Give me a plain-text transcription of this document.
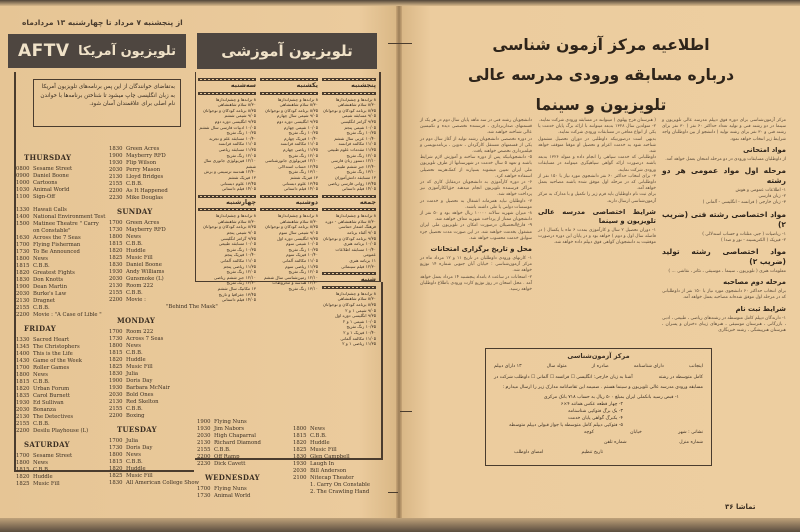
از پنجشنبه ۷ مرداد تا چهارشنبه ۱۳ مردادماه
AFTV تلویزیون آمریکا	تلویزیون آموزشی
به‌تقاضای خوانندگان از این پس برنامه‌های تلویزیون آمریکا به زبان انگلیسی چاپ میشود تا شناختن برنامه‌ها با خواندن نام اصلی برای علاقمندان آسان شود.
THURSDAY
0800 Sesame Street
0900 Daniel Boone
1000 Cartoons
1030 Animal World
1100 Sign-Off
1330 Hawaii Calls
1400 National Environment Test
1500 Matinee Theatre " Carry
on Constable"
1630 Across the 7 Seas
1700 Flying Fisherman
1730 To Be Announced
1800 News
1815 C.B.B.
1820 Greatest Fights
1830 Don Knotts
1900 Dean Martin
2030 Burke's Law
2130 Dragnet
2155 C.B.B.
2200 Movie : "A Case of Lible "
FRIDAY
1330 Sacred Heart
1345 The Christophers
1400 This is the Life
1430 Game of the Week
1700 Roller Games
1800 News
1815 C.B.B.
1820 Urban Forum
1835 Carol Burnett
1930 Ed Sullivan
2030 Bonanza
2130 The Detectives
2155 C.B.B.
2200 Desilu Playhouse (L)
SATURDAY
1700 Sesame Street
1800 News
1815 C.B.B.
1820 Huddle
1825 Music Fill
1830 Green Acres
1900 Mayberry RFD
1930 Flip Wilson
2030 Perry Mason
2130 Lloyd Bridges
2155 C.B.B.
2200 As It Happened
2230 Mike Douglas
SUNDAY
1700 Green Acres
1730 Mayberry RFD
1800 News
1815 C.B.B.
1820 Huddle
1825 Music Fill
1830 Daniel Boone
1930 Andy Williams
2030 Gunsmoke (L)
2130 Room 222
2155 C.B.B.
2200 Movie :
"Behind The Mask"
MONDAY
1700 Room 222
1730 Across 7 Seas
1800 News
1815 C.B.B.
1820 Huddle
1825 Music Fill
1830 Julia
1900 Doris Day
1930 Barbara McNair
2030 Bold Ones
2130 Red Skelton
2155 C.B.B.
2200 Boxing
TUESDAY
1700 Julia
1730 Doris Day
1800 News
1815 C.B.B.
1820 Huddle
1825 Music Fill
1830 All American College Show
پنجشنبه
۸ ترانه‌ها و چشم‌اندازها
۸/۳۰ سلام شاهنشاهی
۸/۳۵ برنامه کودکان و نوجوانان
۹/۰۵ مسابقه شیمی
۹/۳۵ گرامر انگلیسی
۱۰/۰۵ شیمی پنجم
۱۰/۳۵ زنگ تفریح
۱۰/۴۰ عربی سال ششم
۱۱/۰۵ مکالمه فرانسه
۱۱/۳۵ مقدمات علوم طبیعی
۱۲/۰۵ زنگ تفریح
۱۲/۱۰ دستور زبان فارسی
۱۲/۴۰ جبر ششم طبیعی
۱۳/۱۰ زنگ تفریح
۱۳ مسابقه دانش‌آموزان
۱۳/۴۵ روانی فارسی ریاضی
۱۴/۰۵ فیلم داستانی
جمعه
۸ ترانه‌ها و چشم‌اندازها
۸/۳۰ سلام شاهنشاهی - دوره فرهنگ اشعار حماسی
۹/۰۵ آلفاء برنامه
۹/۳۵ برنامه کودکان و نوجوانان
۱۰/۰۵ برنامه هنری
۱۰/۴۰ مسابقه اطلاعات عمومی
۱۱ برنامه هنری
۱۲/۳۰ فیلم سینمائی
شنبه
۸ ترانه‌ها و چشم‌اندازها
۸/۳۰ سلام شاهنشاهی
۸/۳۵ برنامه کودکان و نوجوانان
۹/۰۵ شیمی ۱ و ۲
۹/۳۵ انگلیسی دوره اول
۱۰/۰۵ شیمی ۱ و ۲
۱۰/۳۵ زنگ تفریح
۱۰/۴۰ فیزیک ۱ و ۲
۱۱/۰۵ مکالمه آلمانی
۱۱/۳۵ ریاضی ۱ و ۲
یکشنبه
۸ ترانه‌ها و چشم‌اندازها
۸/۳۰ سلام شاهنشاهی
۸/۳۵ برنامه کودکان و نوجوانان
۹/۰۵ شیمی سال چهارم
۹/۳۵ انگلیسی دوره دوم
۱۰/۰۵ شیمی چهارم
۱۰/۳۵ زنگ تفریح
۱۰/۴۰ فیزیک چهارم
۱۱/۰۵ مکالمه فرانسه
۱۱/۳۵ ریاضی چهارم
۱۲/۰۵ زنگ تفریح
۱۲/۱۰ فیزیولوژی جانورشناسی
۱۲/۴۵ حساب استدلالی
۱۳/۱۰ زنگ تفریح
۱۳ فیزیک ششم
۱۳/۴۵ علوم دبستانی
۱۴/۰۵ فیلم داستانی
دوشنبه
۸ ترانه‌ها و چشم‌اندازها
۸/۳۰ سلام شاهنشاهی
۸/۳۵ برنامه کودکان و نوجوانان
۹/۰۵ شیمی سال سوم
۹/۳۵ انگلیسی دوره اول
۱۰/۰۵ شیمی سوم
۱۰/۳۵ زنگ تفریح
۱۰/۴۰ فیزیک سوم
۱۱/۰۵ مکالمه آلمانی
۱۱/۳۵ ریاضی سوم
۱۲/۰۵ زنگ تفریح
۱۲/۱۰ زمین‌شناسی سال ششم
۱۲/۴۰ هندسه و مخروطات
۱۳/۱۰ زنگ تفریح
سه‌شنبه
۸ ترانه‌ها و چشم‌اندازها
۸/۳۰ سلام شاهنشاهی
۸/۳۵ برنامه کودکان و نوجوانان
۹/۰۵ شیمی ششم
۹/۳۵ انگلیسی دوره دوم
۱۰/۰۵ ادبیات فارسی سال ششم
۱۰/۳۵ زنگ تفریح
۱۰/۴۰ مسابقه علم و تجربه
۱۱/۰۵ مکالمه فرانسه
۱۱/۳۵ مسابقه ریاضی
۱۲/۰۵ زنگ تفریح
۱۲/۱۰ فیزیولوژی جانوری سال ششم
۱۲/۴۰ هندسه ترسیمی و برش
۱۳ فیزیک ششم
۱۳/۴۵ علوم دبستانی
۱۴/۰۵ فیلم داستانی
چهارشنبه
۸ ترانه‌ها و چشم‌اندازها
۸/۳۰ سلام شاهنشاهی
۸/۳۵ برنامه کودکان و نوجوانان
۹/۰۵ شیمی پنجم
۹/۳۵ گرامر انگلیسی
۱۰/۰۵ مسابقه طبیعی
۱۰/۳۵ زنگ تفریح
۱۰/۴۰ فیزیک پنجم
۱۱/۰۵ مکالمه آلمانی
۱۱/۳۵ ریاضی پنجم
۱۲/۰۵ زنگ تفریح
۱۲/۱۰ جبر ششم ریاضی
۱۲/۴۰ زنگ تفریح
۱۳ مکانیک سال ششم
۱۳/۴۵ جغرافیا و تاریخ
۱۴/۰۵ فیلم داستانی
1900 Flying Nuns
1930 Jim Nabors
2030 High Chaparral
2130 Richard Diamond
2155 C.B.B.
2200 Off Ramp
2230 Dick Cavett
WEDNESDAY
1700 Flying Nuns
1730 Animal World
1800 News
1815 C.B.B.
1820 Huddle
1825 Music Fill
1830 Glen Campbell
1930 Laugh In
2030 Bill Anderson
2100 Nitecap Theater
1. Carry On Constable
2. The Crawling Hand
اطلاعیه مرکز آزمون شناسی
درباره مسابقه ورودی مدرسه عالی
تلویزیون و سینما
مرکز آزمون‌شناسی برای دوره فوق دیپلم مدرسه عالی تلویزیون و سینما در دو رشته فنی و تولید تعداد حداکثر ۶۰ نفر ( ۳۰ نفر برای رشته فنی و ۳۰ نفر برای رشته تولید ) دانشجو از بین داوطلبان واجد شرایط زیر انتخاب خواهد نمود.
مواد امتحانی
از داوطلبان مسابقات ورودی در دو مرحله امتحان بعمل خواهد آمد.
مرحله اول مواد عمومی هر دو رشته
۱- اطلاعات عمومی و هوش
۲- زبان فارسی
۳- زبان خارجی ( فرانسه - انگلیسی - آلمانی )
مواد اختصاصی رشته فنی (ضریب ۲)
۱- ریاضیات ( جبر، مثلثات و حساب استدلالی )
۲- فیزیک ( الکتریسیته - نور و صدا )
مواد اختصاصی رشته تولید (ضریب ۲)
معلومات هنری ( تلویزیون ، سینما ، موسیقی ، تئاتر ، نقاشی ... )
مرحله دوم مصاحبه
برای انتخاب حداکثر ۶۰ دانشجوی مورد نیاز با ۱۵۰ نفر از داوطلبانی که در مرحله اول موفق شده‌اند مصاحبه بعمل خواهد آمد.
شرایط ثبت نام
۱- دارندگان دیپلم کامل متوسطه در رشته‌های ریاضی ، طبیعی ، ادبی ، بازرگانی ، هنرستان موسیقی ، هنرهای زیبای دختران و پسران ، هنرستان هنرپیشگی ، رشته خبرنگاری
( هنرستان فرح پهلوی ) میتوانند در مسابقه ورودی شرکت نمایند.
۲- متولدین سال ۱۳۲۸ به‌بعد میتوانند با ارائه برگ پایان خدمت یا یکی از انواع معافی در مسابقات ورودی شرکت نمایند.
بدیهی است درصورتیکه داوطلبی در دوران تحصیل مشمول شناخته شود به خدمت اعزام و تحصیل او موقتا متوقف خواهد شد.
داوطلبانی که خدمت سپاهی را انجام داده و متولد ۱۳۲۶ به‌بعد باشند درصورت ارائه گواهی سپاهیگری میتوانند در مسابقات ورودی شرکت نمایند.
۳- برای انتخاب حداکثر ۶۰ نفر دانشجوی مورد نیاز با ۱۵۰ نفر از داوطلبانی که در مرحله اول موفق شده باشند مصاحبه بعمل خواهد آمد.
برای ثبت نام داوطلبان باید فرم زیر را تکمیل و با مدارک به مرکز آزمون‌شناسی ارسال دارند.
شرایط اختصاصی مدرسه عالی تلویزیون و سینما
۱- دوران تحصیل ۲ سال و کارآموزی بمدت ۶ ماه با یکسال ( در فاصله سال اول و دوم ) خواهد بود و در پایان این دوره درصورت موفقیت به دانشجویان گواهی فوق دیپلم داده خواهد شد.
دانشجویان رشته فنی در سه ماهه پایان سال دوم در هر یک از قسمتهای صداربرداری ، فرستنده تخصصی دیده و تکنیسین عالی شناخته خواهند شد.
در دوره تخصصی دانشجویان رشته تولید از آغاز سال دوم در یکی از قسمتهای مستقل کارگردان ، تدوین ، برنامه‌نویسی و فیلمبرداری تخصص خواهند یافت.
۵- دانشجویانیکه پس از دوره ساخته و آموزش لازم شرایط باشند و تعهد ۵ سال خدمت در شهرستانها از طرف تلویزیون ملی ایران تعیین میشوند بسپارند از کمک‌هزینه تحصیلی استفاده خواهند کرد.
۶- در دوره کارآموزی به دانشجویان درمقابل کاری که در مراکز فرستنده تلویزیون انجام میدهند حق‌الکارآموزی نیز پرداخت خواهد شد.
۷- داوطلبان نباید همزمانه اشتغال به تحصیل و خدمت در موسسات دولتی یا ملی داشته باشند.
۸- میزان شهریه سالانه ۱۰۰۰۰ ریال خواهد بود و ۵۰ نفر از دانشجویان ممتاز از پرداخت شهریه معاف خواهند شد.
۹- فارغ‌التحصیلان درصورت امکان در تلویزیون ملی ایران مشغول بخدمت خواهند شد. در این صورت مدت تحصیل جزء سوابق خدمت محسوب خواهد شد.
محل و تاریخ برگزاری امتحانات
۱- کارتهای ورودی داوطلبان در تاریخ ۱۱ و ۱۲ مرداد ماه در مرکز آزمون‌شناسی : خیابان آبان جنوبی شماره ۱۴ توزیع خواهد شد.
۲- امتحانات در ساعت ۸ بامداد پنجشنبه ۱۴ مرداد بعمل خواهد آمد . محل امتحان در روز توزیع کارت ورودی باطلاع داوطلبان خواهد رسید.
مرکز آزمون‌شناسی
اینجانب
دارای شناسنامه
صادره از
متولد سال
۱۳ دارای دیپلم
کامل متوسطه در رشته
آشنا به زبان خارجی: انگلیسی ☐ فرانسه ☐ آلمانی ☐ داوطلب شرکت در
مسابقه ورودی مدرسه عالی تلویزیون و سینما هستم . ضمیمه این تقاضانامه مدارک زیر را ارسال میدارم :
۱- قبض رسید بانکملی ایران بمبلغ ۵۰۰ ریال به حساب ۷۱۸ بانک مرکزی
۲- چهار قطعه عکس همانند ۴×۶
۳- یک برگ فتوکپی شناسنامه
۴- یکبرگ گواهی پایان خدمت
۵- فتوکپی دیپلم کامل متوسطه یا جواز قبولی دیپلم متوسطه
نشانی : شهر
خیابان
کوچه
شماره منزل
شماره تلفن
تاریخ تنظیم
امضای داوطلب
تماشا ۳۶
